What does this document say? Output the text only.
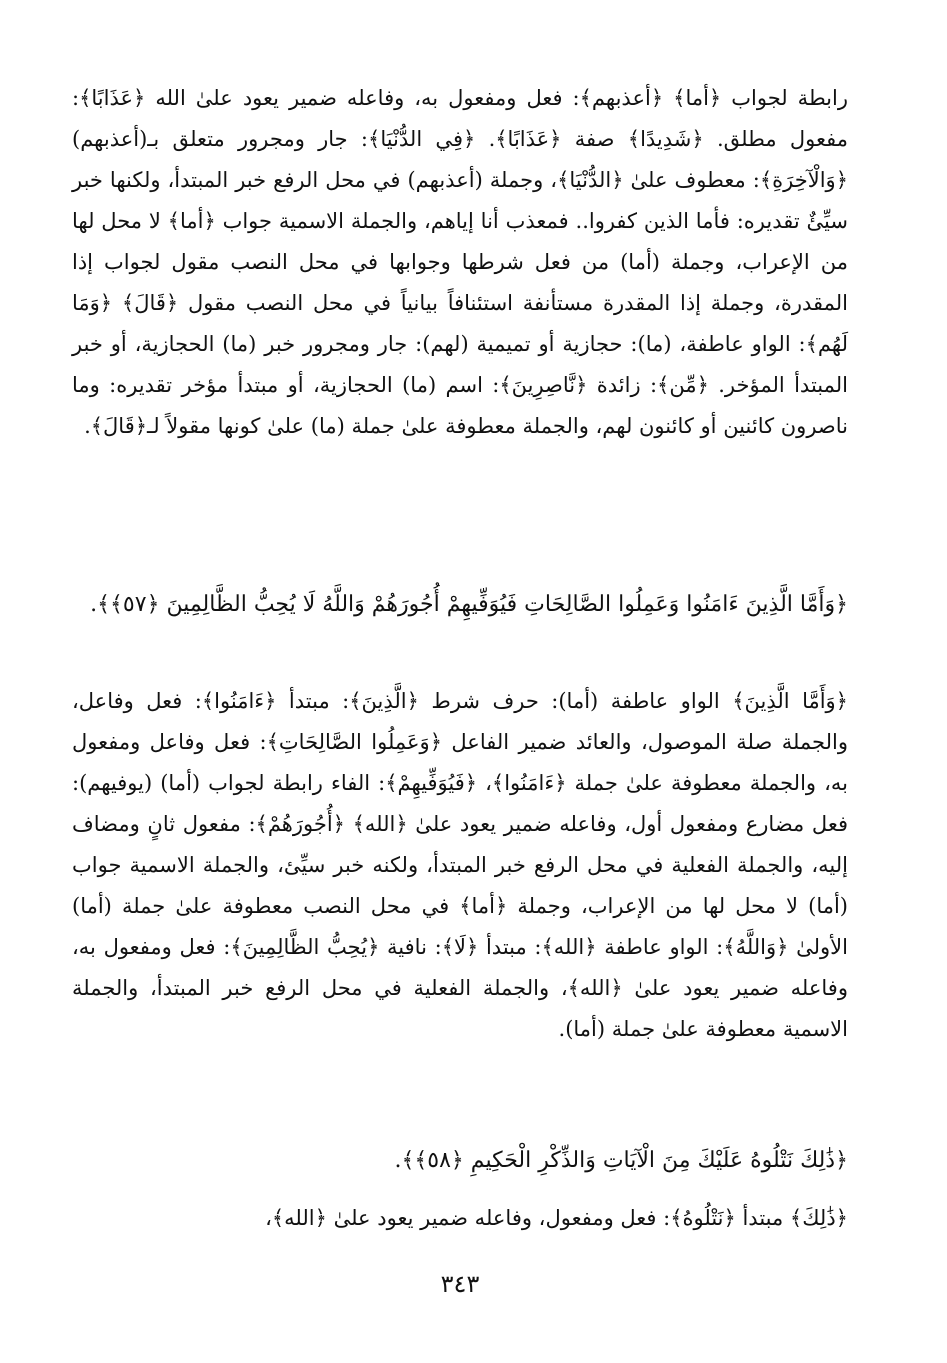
رابطة لجواب ﴿أما﴾ ﴿أعذبهم﴾: فعل ومفعول به، وفاعله ضمير يعود علىٰ الله ﴿عَذَابًا﴾: مفعول مطلق. ﴿شَدِيدًا﴾ صفة ﴿عَذَابًا﴾. ﴿فِي الدُّنْيَا﴾: جار ومجرور متعلق بـ(أعذبهم) ﴿وَالْآخِرَةِ﴾: معطوف علىٰ ﴿الدُّنْيَا﴾، وجملة (أعذبهم) في محل الرفع خبر المبتدأ، ولكنها خبر سيِّئٌ تقديره: فأما الذين كفروا.. فمعذب أنا إياهم، والجملة الاسمية جواب ﴿أما﴾ لا محل لها من الإعراب، وجملة (أما) من فعل شرطها وجوابها في محل النصب مقول لجواب إذا المقدرة، وجملة إذا المقدرة مستأنفة استئنافاً بيانياً في محل النصب مقول ﴿قَالَ﴾ ﴿وَمَا لَهُم﴾: الواو عاطفة، (ما): حجازية أو تميمية (لهم): جار ومجرور خبر (ما) الحجازية، أو خبر المبتدأ المؤخر. ﴿مِّن﴾: زائدة ﴿نَّاصِرِينَ﴾: اسم (ما) الحجازية، أو مبتدأ مؤخر تقديره: وما ناصرون كائنين أو كائنون لهم، والجملة معطوفة علىٰ جملة (ما) علىٰ كونها مقولاً لـ﴿قَالَ﴾.

﴿وَأَمَّا الَّذِينَ ءَامَنُوا وَعَمِلُوا الصَّالِحَاتِ فَيُوَفِّيهِمْ أُجُورَهُمْ وَاللَّهُ لَا يُحِبُّ الظَّالِمِينَ ﴿٥٧﴾﴾.

﴿وَأَمَّا الَّذِينَ﴾ الواو عاطفة (أما): حرف شرط ﴿الَّذِينَ﴾: مبتدأ ﴿ءَامَنُوا﴾: فعل وفاعل، والجملة صلة الموصول، والعائد ضمير الفاعل ﴿وَعَمِلُوا الصَّالِحَاتِ﴾: فعل وفاعل ومفعول به، والجملة معطوفة علىٰ جملة ﴿ءَامَنُوا﴾، ﴿فَيُوَفِّيهِمْ﴾: الفاء رابطة لجواب (أما) (يوفيهم): فعل مضارع ومفعول أول، وفاعله ضمير يعود علىٰ ﴿الله﴾ ﴿أُجُورَهُمْ﴾: مفعول ثانٍ ومضاف إليه، والجملة الفعلية في محل الرفع خبر المبتدأ، ولكنه خبر سيِّئ، والجملة الاسمية جواب (أما) لا محل لها من الإعراب، وجملة ﴿أما﴾ في محل النصب معطوفة علىٰ جملة (أما) الأولىٰ ﴿وَاللَّهُ﴾: الواو عاطفة ﴿الله﴾: مبتدأ ﴿لَا﴾: نافية ﴿يُحِبُّ الظَّالِمِينَ﴾: فعل ومفعول به، وفاعله ضمير يعود علىٰ ﴿الله﴾، والجملة الفعلية في محل الرفع خبر المبتدأ، والجملة الاسمية معطوفة علىٰ جملة (أما).

﴿ذَٰلِكَ نَتْلُوهُ عَلَيْكَ مِنَ الْآيَاتِ وَالذِّكْرِ الْحَكِيمِ ﴿٥٨﴾﴾.

﴿ذَٰلِكَ﴾ مبتدأ ﴿نَتْلُوهُ﴾: فعل ومفعول، وفاعله ضمير يعود علىٰ ﴿الله﴾،

٣٤٣
